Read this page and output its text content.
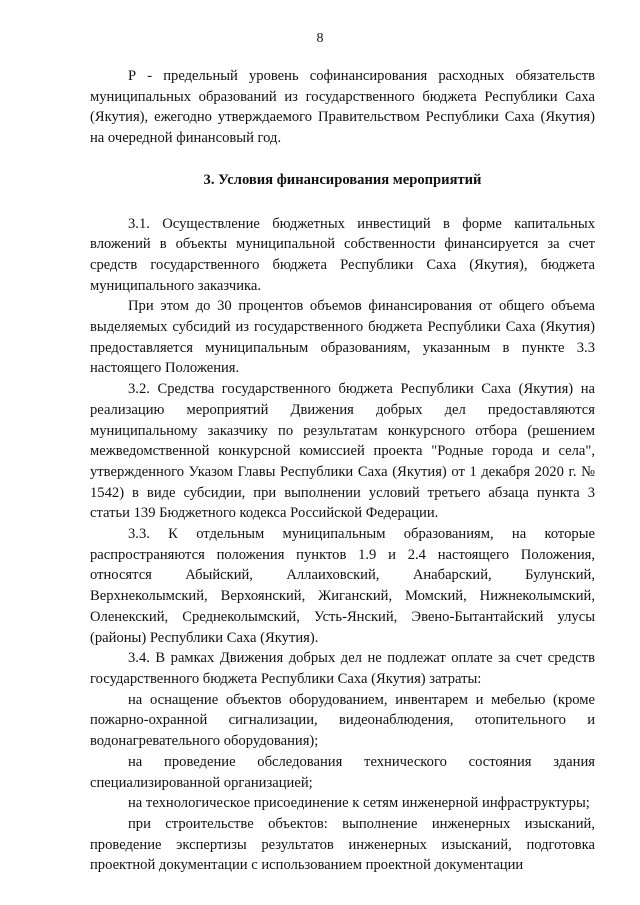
8

Р - предельный уровень софинансирования расходных обязательств муниципальных образований из государственного бюджета Республики Саха (Якутия), ежегодно утверждаемого Правительством Республики Саха (Якутия) на очередной финансовый год.

3. Условия финансирования мероприятий

3.1. Осуществление бюджетных инвестиций в форме капитальных вложений в объекты муниципальной собственности финансируется за счет средств государственного бюджета Республики Саха (Якутия), бюджета муниципального заказчика.

При этом до 30 процентов объемов финансирования от общего объема выделяемых субсидий из государственного бюджета Республики Саха (Якутия) предоставляется муниципальным образованиям, указанным в пункте 3.3 настоящего Положения.

3.2. Средства государственного бюджета Республики Саха (Якутия) на реализацию мероприятий Движения добрых дел предоставляются муниципальному заказчику по результатам конкурсного отбора (решением межведомственной конкурсной комиссией проекта "Родные города и села", утвержденного Указом Главы Республики Саха (Якутия) от 1 декабря 2020 г. № 1542) в виде субсидии, при выполнении условий третьего абзаца пункта 3 статьи 139 Бюджетного кодекса Российской Федерации.

3.3. К отдельным муниципальным образованиям, на которые распространяются положения пунктов 1.9 и 2.4 настоящего Положения, относятся Абыйский, Аллаиховский, Анабарский, Булунский, Верхнеколымский, Верхоянский, Жиганский, Момский, Нижнеколымский, Оленекский, Среднеколымский, Усть-Янский, Эвено-Бытантайский улусы (районы) Республики Саха (Якутия).

3.4. В рамках Движения добрых дел не подлежат оплате за счет средств государственного бюджета Республики Саха (Якутия) затраты:

на оснащение объектов оборудованием, инвентарем и мебелью (кроме пожарно-охранной сигнализации, видеонаблюдения, отопительного и водонагревательного оборудования);

на проведение обследования технического состояния здания специализированной организацией;

на технологическое присоединение к сетям инженерной инфраструктуры;

при строительстве объектов: выполнение инженерных изысканий, проведение экспертизы результатов инженерных изысканий, подготовка проектной документации с использованием проектной документации
